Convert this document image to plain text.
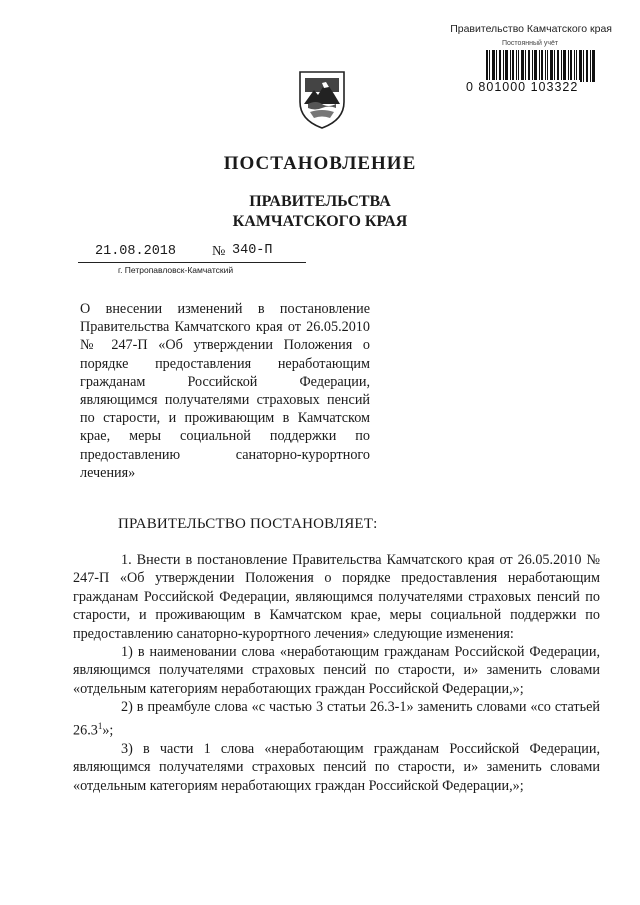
Правительство Камчатского края
Постоянный учёт
0 801000 103322
ПОСТАНОВЛЕНИЕ
ПРАВИТЕЛЬСТВА
КАМЧАТСКОГО КРАЯ
21.08.2018	№ 340-П
г. Петропавловск-Камчатский
О внесении изменений в постановление Правительства Камчатского края от 26.05.2010 № 247-П «Об утверждении Положения о порядке предоставления неработающим гражданам Российской Федерации, являющимся получателями страховых пенсий по старости, и проживающим в Камчатском крае, меры социальной поддержки по предоставлению санаторно-курортного лечения»
ПРАВИТЕЛЬСТВО ПОСТАНОВЛЯЕТ:

1. Внести в постановление Правительства Камчатского края от 26.05.2010 № 247-П «Об утверждении Положения о порядке предоставления неработающим гражданам Российской Федерации, являющимся получателями страховых пенсий по старости, и проживающим в Камчатском крае, меры социальной поддержки по предоставлению санаторно-курортного лечения» следующие изменения:

1) в наименовании слова «неработающим гражданам Российской Федерации, являющимся получателями страховых пенсий по старости, и» заменить словами «отдельным категориям неработающих граждан Российской Федерации,»;

2) в преамбуле слова «с частью 3 статьи 26.3-1» заменить словами «со статьей 26.3$^1$»;

3) в части 1 слова «неработающим гражданам Российской Федерации, являющимся получателями страховых пенсий по старости, и» заменить словами «отдельным категориям неработающих граждан Российской Федерации,»;
